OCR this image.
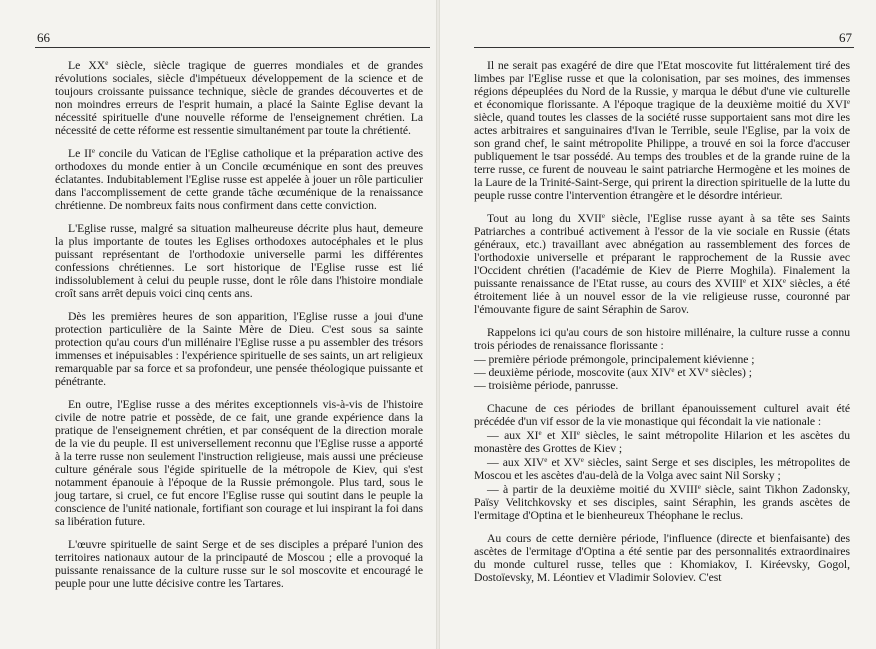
66

Le XXe siècle, siècle tragique de guerres mondiales et de grandes révolutions sociales, siècle d'impétueux développement de la science et de toujours croissante puissance technique, siècle de grandes découvertes et de non moindres erreurs de l'esprit humain, a placé la Sainte Eglise devant la nécessité spirituelle d'une nouvelle réforme de l'enseignement chrétien. La nécessité de cette réforme est ressentie simultanément par toute la chrétienté.

Le IIe concile du Vatican de l'Eglise catholique et la préparation active des orthodoxes du monde entier à un Concile œcuménique en sont des preuves éclatantes. Indubitablement l'Eglise russe est appelée à jouer un rôle particulier dans l'accomplissement de cette grande tâche œcuménique de la renaissance chrétienne. De nombreux faits nous confirment dans cette conviction.

L'Eglise russe, malgré sa situation malheureuse décrite plus haut, demeure la plus importante de toutes les Eglises orthodoxes autocéphales et le plus puissant représentant de l'orthodoxie universelle parmi les différentes confessions chrétiennes. Le sort historique de l'Eglise russe est lié indissolublement à celui du peuple russe, dont le rôle dans l'histoire mondiale croît sans arrêt depuis voici cinq cents ans.

Dès les premières heures de son apparition, l'Eglise russe a joui d'une protection particulière de la Sainte Mère de Dieu. C'est sous sa sainte protection qu'au cours d'un millénaire l'Eglise russe a pu assembler des trésors immenses et inépuisables : l'expérience spirituelle de ses saints, un art religieux remarquable par sa force et sa profondeur, une pensée théologique puissante et pénétrante.

En outre, l'Eglise russe a des mérites exceptionnels vis-à-vis de l'histoire civile de notre patrie et possède, de ce fait, une grande expérience dans la pratique de l'enseignement chrétien, et par conséquent de la direction morale de la vie du peuple. Il est universellement reconnu que l'Eglise russe a apporté à la terre russe non seulement l'instruction religieuse, mais aussi une précieuse culture générale sous l'égide spirituelle de la métropole de Kiev, qui s'est notamment épanouie à l'époque de la Russie prémongole. Plus tard, sous le joug tartare, si cruel, ce fut encore l'Eglise russe qui soutint dans le peuple la conscience de l'unité nationale, fortifiant son courage et lui inspirant la foi dans sa libération future.

L'œuvre spirituelle de saint Serge et de ses disciples a préparé l'union des territoires nationaux autour de la principauté de Moscou ; elle a provoqué la puissante renaissance de la culture russe sur le sol moscovite et encouragé le peuple pour une lutte décisive contre les Tartares.

67

Il ne serait pas exagéré de dire que l'Etat moscovite fut littéralement tiré des limbes par l'Eglise russe et que la colonisation, par ses moines, des immenses régions dépeuplées du Nord de la Russie, y marqua le début d'une vie culturelle et économique florissante. A l'époque tragique de la deuxième moitié du XVIe siècle, quand toutes les classes de la société russe supportaient sans mot dire les actes arbitraires et sanguinaires d'Ivan le Terrible, seule l'Eglise, par la voix de son grand chef, le saint métropolite Philippe, a trouvé en soi la force d'accuser publiquement le tsar possédé. Au temps des troubles et de la grande ruine de la terre russe, ce furent de nouveau le saint patriarche Hermogène et les moines de la Laure de la Trinité-Saint-Serge, qui prirent la direction spirituelle de la lutte du peuple russe contre l'intervention étrangère et le désordre intérieur.

Tout au long du XVIIe siècle, l'Eglise russe ayant à sa tête ses Saints Patriarches a contribué activement à l'essor de la vie sociale en Russie (états généraux, etc.) travaillant avec abnégation au rassemblement des forces de l'orthodoxie universelle et préparant le rapprochement de la Russie avec l'Occident chrétien (l'académie de Kiev de Pierre Moghila). Finalement la puissante renaissance de l'Etat russe, au cours des XVIIIe et XIXe siècles, a été étroitement liée à un nouvel essor de la vie religieuse russe, couronné par l'émouvante figure de saint Séraphin de Sarov.

Rappelons ici qu'au cours de son histoire millénaire, la culture russe a connu trois périodes de renaissance florissante :

— première période prémongole, principalement kiévienne ;
— deuxième période, moscovite (aux XIVe et XVe siècles) ;
— troisième période, panrusse.

Chacune de ces périodes de brillant épanouissement culturel avait été précédée d'un vif essor de la vie monastique qui fécondait la vie nationale :

— aux XIe et XIIe siècles, le saint métropolite Hilarion et les ascètes du monastère des Grottes de Kiev ;

— aux XIVe et XVe siècles, saint Serge et ses disciples, les métropolites de Moscou et les ascètes d'au-delà de la Volga avec saint Nil Sorsky ;

— à partir de la deuxième moitié du XVIIIe siècle, saint Tikhon Zadonsky, Païsy Velitchkovsky et ses disciples, saint Séraphin, les grands ascètes de l'ermitage d'Optina et le bienheureux Théophane le reclus.

Au cours de cette dernière période, l'influence (directe et bienfaisante) des ascètes de l'ermitage d'Optina a été sentie par des personnalités extraordinaires du monde culturel russe, telles que : Khomiakov, I. Kiréevsky, Gogol, Dostoïevsky, M. Léontiev et Vladimir Soloviev. C'est
